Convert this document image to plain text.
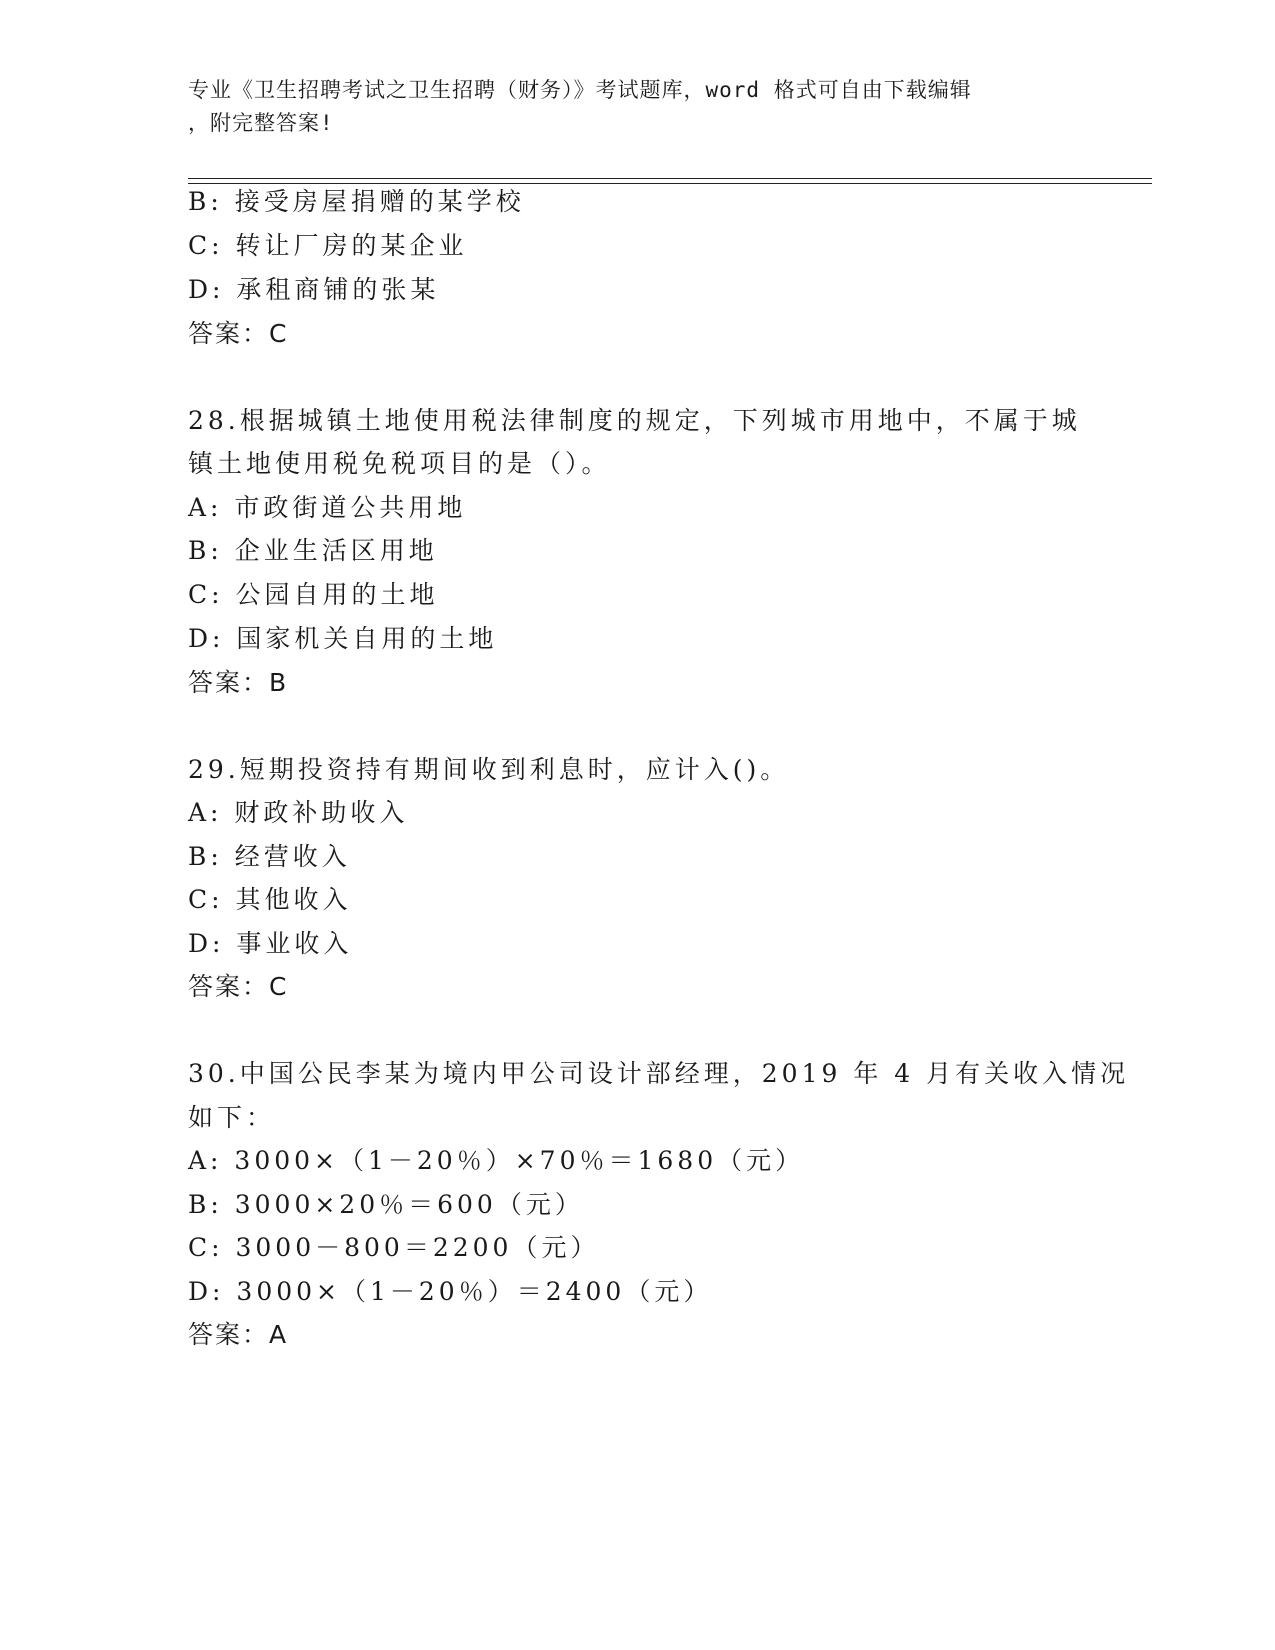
专业《卫生招聘考试之卫生招聘（财务）》考试题库，word 格式可自由下载编辑
，附完整答案!
B: 接受房屋捐赠的某学校
C: 转让厂房的某企业
D: 承租商铺的张某
答案：C
28.根据城镇土地使用税法律制度的规定，下列城市用地中，不属于城
镇土地使用税免税项目的是（）。
A: 市政街道公共用地
B: 企业生活区用地
C: 公园自用的土地
D: 国家机关自用的土地
答案：B
29.短期投资持有期间收到利息时，应计入()。
A: 财政补助收入
B: 经营收入
C: 其他收入
D: 事业收入
答案：C
30.中国公民李某为境内甲公司设计部经理，2019 年 4 月有关收入情况
如下：
A: 3000×（1－20％）×70％＝1680（元）
B: 3000×20％＝600（元）
C: 3000－800＝2200（元）
D: 3000×（1－20％）＝2400（元）
答案：A
